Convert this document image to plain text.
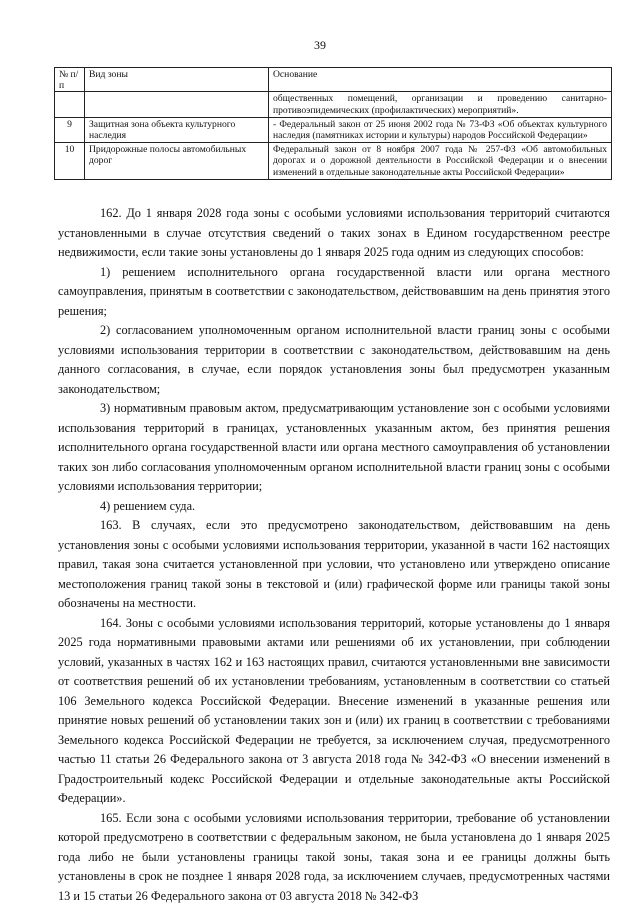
39
№ п/п	Вид зоны	Основание
		общественных помещений, организации и проведению санитарно-противоэпидемических (профилактических) мероприятий».
9	Защитная зона объекта культурного наследия	- Федеральный закон от 25 июня 2002 года № 73-ФЗ «Об объектах культурного наследия (памятниках истории и культуры) народов Российской Федерации»
10	Придорожные полосы автомобильных дорог	Федеральный закон от 8 ноября 2007 года № 257-ФЗ «Об автомобильных дорогах и о дорожной деятельности в Российской Федерации и о внесении изменений в отдельные законодательные акты Российской Федерации»

162. До 1 января 2028 года зоны с особыми условиями использования территорий считаются установленными в случае отсутствия сведений о таких зонах в Едином государственном реестре недвижимости, если такие зоны установлены до 1 января 2025 года одним из следующих способов:

1) решением исполнительного органа государственной власти или органа местного самоуправления, принятым в соответствии с законодательством, действовавшим на день принятия этого решения;

2) согласованием уполномоченным органом исполнительной власти границ зоны с особыми условиями использования территории в соответствии с законодательством, действовавшим на день данного согласования, в случае, если порядок установления зоны был предусмотрен указанным законодательством;

3) нормативным правовым актом, предусматривающим установление зон с особыми условиями использования территорий в границах, установленных указанным актом, без принятия решения исполнительного органа государственной власти или органа местного самоуправления об установлении таких зон либо согласования уполномоченным органом исполнительной власти границ зоны с особыми условиями использования территории;

4) решением суда.

163. В случаях, если это предусмотрено законодательством, действовавшим на день установления зоны с особыми условиями использования территории, указанной в части 162 настоящих правил, такая зона считается установленной при условии, что установлено или утверждено описание местоположения границ такой зоны в текстовой и (или) графической форме или границы такой зоны обозначены на местности.

164. Зоны с особыми условиями использования территорий, которые установлены до 1 января 2025 года нормативными правовыми актами или решениями об их установлении, при соблюдении условий, указанных в частях 162 и 163 настоящих правил, считаются установленными вне зависимости от соответствия решений об их установлении требованиям, установленным в соответствии со статьей 106 Земельного кодекса Российской Федерации. Внесение изменений в указанные решения или принятие новых решений об установлении таких зон и (или) их границ в соответствии с требованиями Земельного кодекса Российской Федерации не требуется, за исключением случая, предусмотренного частью 11 статьи 26 Федерального закона от 3 августа 2018 года № 342-ФЗ «О внесении изменений в Градостроительный кодекс Российской Федерации и отдельные законодательные акты Российской Федерации».

165. Если зона с особыми условиями использования территории, требование об установлении которой предусмотрено в соответствии с федеральным законом, не была установлена до 1 января 2025 года либо не были установлены границы такой зоны, такая зона и ее границы должны быть установлены в срок не позднее 1 января 2028 года, за исключением случаев, предусмотренных частями 13 и 15 статьи 26 Федерального закона от 03 августа 2018 № 342-ФЗ
